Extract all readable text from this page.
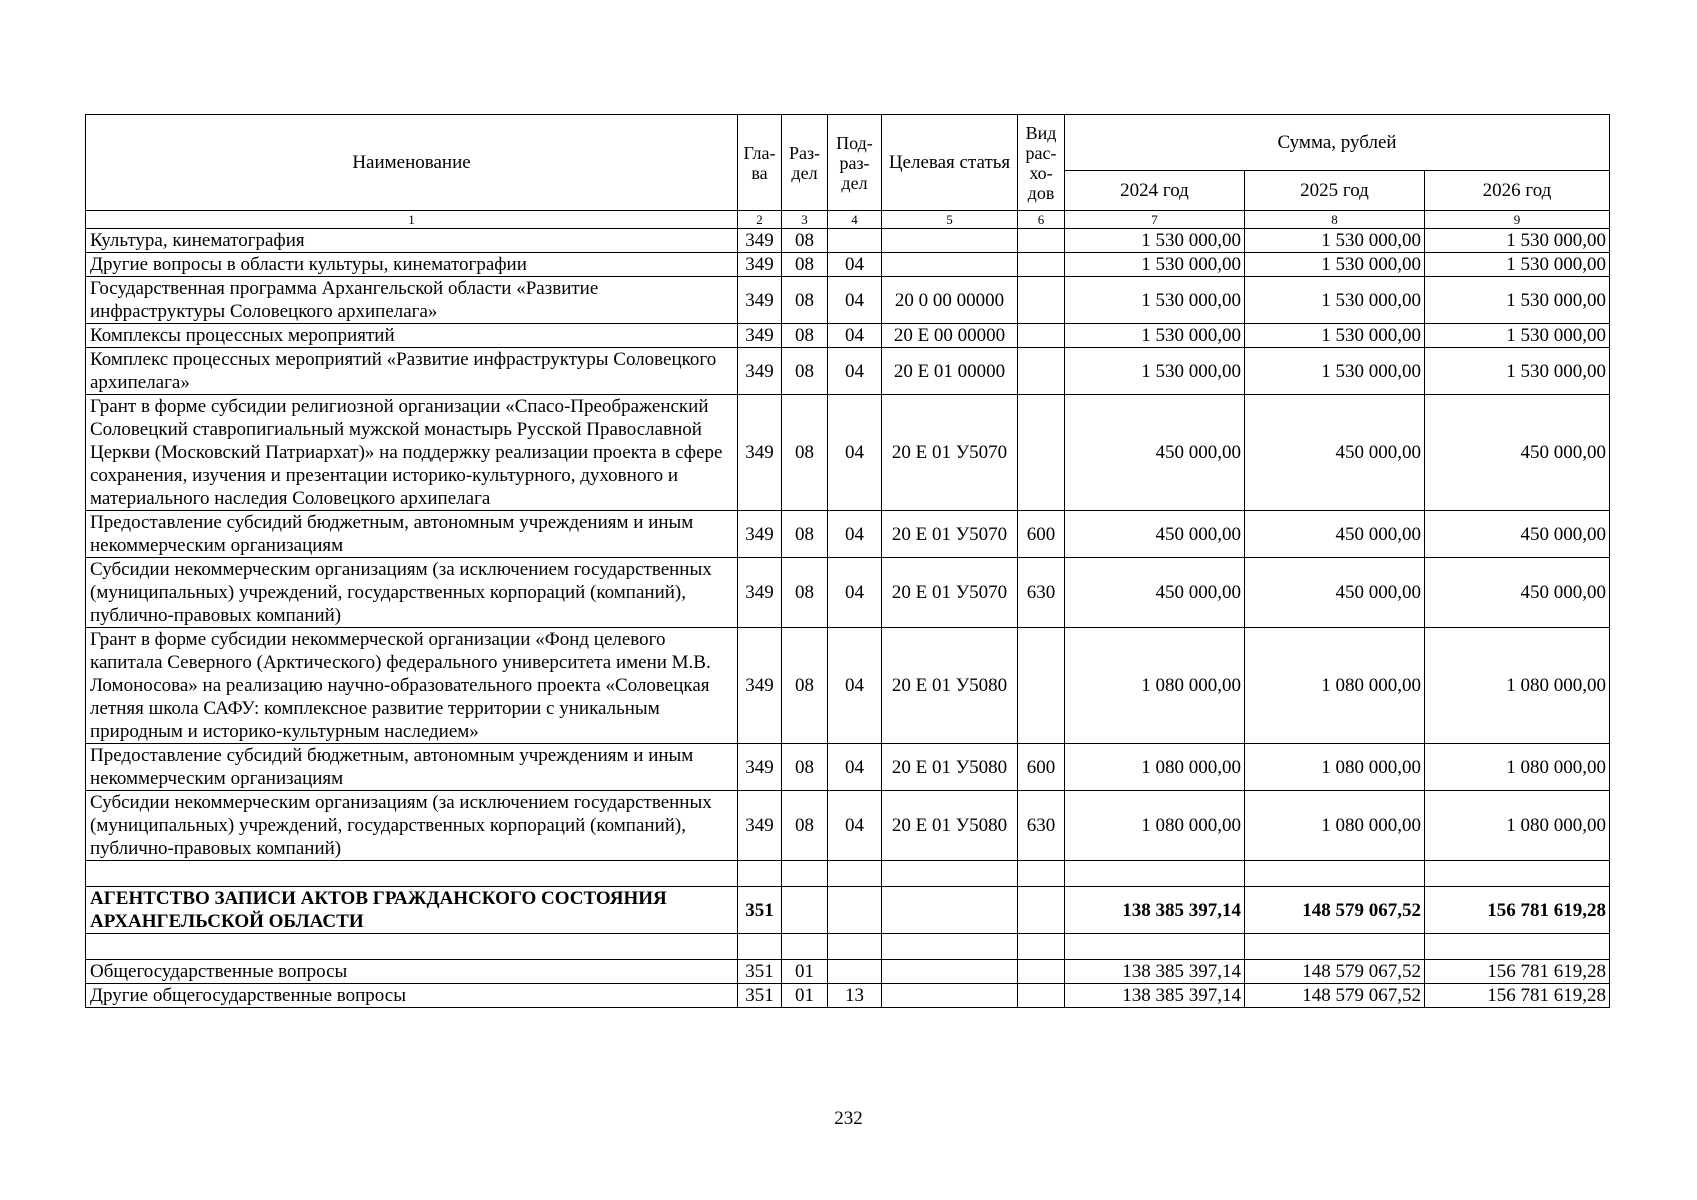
Наименование	Гла-ва	Раз-дел	Под-раз-дел	Целевая статья	Вид рас-хо-дов	Сумма, рублей		
						2024 год	2025 год	2026 год
1	2	3	4	5	6	7	8	9
Культура, кинематография	349	08				1 530 000,00	1 530 000,00	1 530 000,00
Другие вопросы в области культуры, кинематографии	349	08	04			1 530 000,00	1 530 000,00	1 530 000,00
Государственная программа Архангельской области «Развитие инфраструктуры Соловецкого архипелага»	349	08	04	20 0 00 00000		1 530 000,00	1 530 000,00	1 530 000,00
Комплексы процессных мероприятий	349	08	04	20 Е 00 00000		1 530 000,00	1 530 000,00	1 530 000,00
Комплекс процессных мероприятий «Развитие инфраструктуры Соловецкого архипелага»	349	08	04	20 Е 01 00000		1 530 000,00	1 530 000,00	1 530 000,00
Грант в форме субсидии религиозной организации «Спасо-Преображенский Соловецкий ставропигиальный мужской монастырь Русской Православной Церкви (Московский Патриархат)» на поддержку реализации проекта в сфере сохранения, изучения и презентации историко-культурного, духовного и материального наследия Соловецкого архипелага	349	08	04	20 Е 01 У5070		450 000,00	450 000,00	450 000,00
Предоставление субсидий бюджетным, автономным учреждениям и иным некоммерческим организациям	349	08	04	20 Е 01 У5070	600	450 000,00	450 000,00	450 000,00
Субсидии некоммерческим организациям (за исключением государственных (муниципальных) учреждений, государственных корпораций (компаний), публично-правовых компаний)	349	08	04	20 Е 01 У5070	630	450 000,00	450 000,00	450 000,00
Грант в форме субсидии некоммерческой организации «Фонд целевого капитала Северного (Арктического) федерального университета имени М.В. Ломоносова» на реализацию научно-образовательного проекта «Соловецкая летняя школа САФУ: комплексное развитие территории с уникальным природным и историко-культурным наследием»	349	08	04	20 Е 01 У5080		1 080 000,00	1 080 000,00	1 080 000,00
Предоставление субсидий бюджетным, автономным учреждениям и иным некоммерческим организациям	349	08	04	20 Е 01 У5080	600	1 080 000,00	1 080 000,00	1 080 000,00
Субсидии некоммерческим организациям (за исключением государственных (муниципальных) учреждений, государственных корпораций (компаний), публично-правовых компаний)	349	08	04	20 Е 01 У5080	630	1 080 000,00	1 080 000,00	1 080 000,00

АГЕНТСТВО ЗАПИСИ АКТОВ ГРАЖДАНСКОГО СОСТОЯНИЯ АРХАНГЕЛЬСКОЙ ОБЛАСТИ	351					138 385 397,14	148 579 067,52	156 781 619,28

Общегосударственные вопросы	351	01				138 385 397,14	148 579 067,52	156 781 619,28
Другие общегосударственные вопросы	351	01	13			138 385 397,14	148 579 067,52	156 781 619,28
232
